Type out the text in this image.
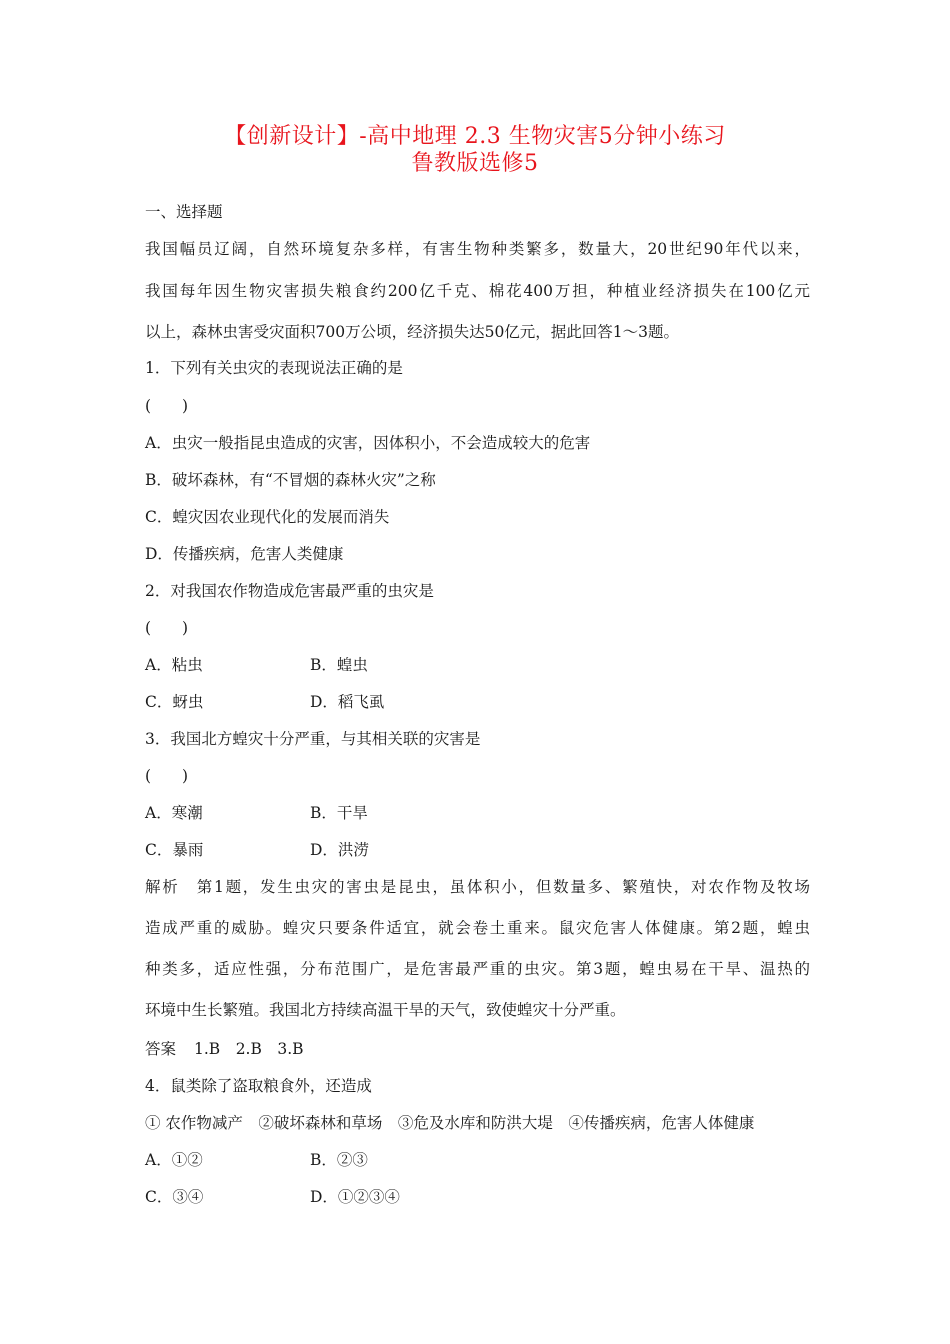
【创新设计】-高中地理 2.3 生物灾害5分钟小练习
鲁教版选修5
一、选择题
我国幅员辽阔，自然环境复杂多样，有害生物种类繁多，数量大，20世纪90年代以来，
我国每年因生物灾害损失粮食约200亿千克、棉花400万担，种植业经济损失在100亿元
以上，森林虫害受灾面积700万公顷，经济损失达50亿元，据此回答1～3题。
1．下列有关虫灾的表现说法正确的是
(　　)
A．虫灾一般指昆虫造成的灾害，因体积小，不会造成较大的危害
B．破坏森林，有“不冒烟的森林火灾”之称
C．蝗灾因农业现代化的发展而消失
D．传播疾病，危害人类健康
2．对我国农作物造成危害最严重的虫灾是
(　　)
A．粘虫	B．蝗虫
C．蚜虫	D．稻飞虱
3．我国北方蝗灾十分严重，与其相关联的灾害是
(　　)
A．寒潮	B．干旱
C．暴雨	D．洪涝
解析　第1题，发生虫灾的害虫是昆虫，虽体积小，但数量多、繁殖快，对农作物及牧场
造成严重的威胁。蝗灾只要条件适宜，就会卷土重来。鼠灾危害人体健康。第2题，蝗虫
种类多，适应性强，分布范围广，是危害最严重的虫灾。第3题，蝗虫易在干旱、温热的
环境中生长繁殖。我国北方持续高温干旱的天气，致使蝗灾十分严重。
答案 1.B　2.B　3.B
4．鼠类除了盗取粮食外，还造成
① 农作物减产　②破坏森林和草场　③危及水库和防洪大堤　④传播疾病，危害人体健康
A．①②	B．②③
C．③④	D．①②③④
